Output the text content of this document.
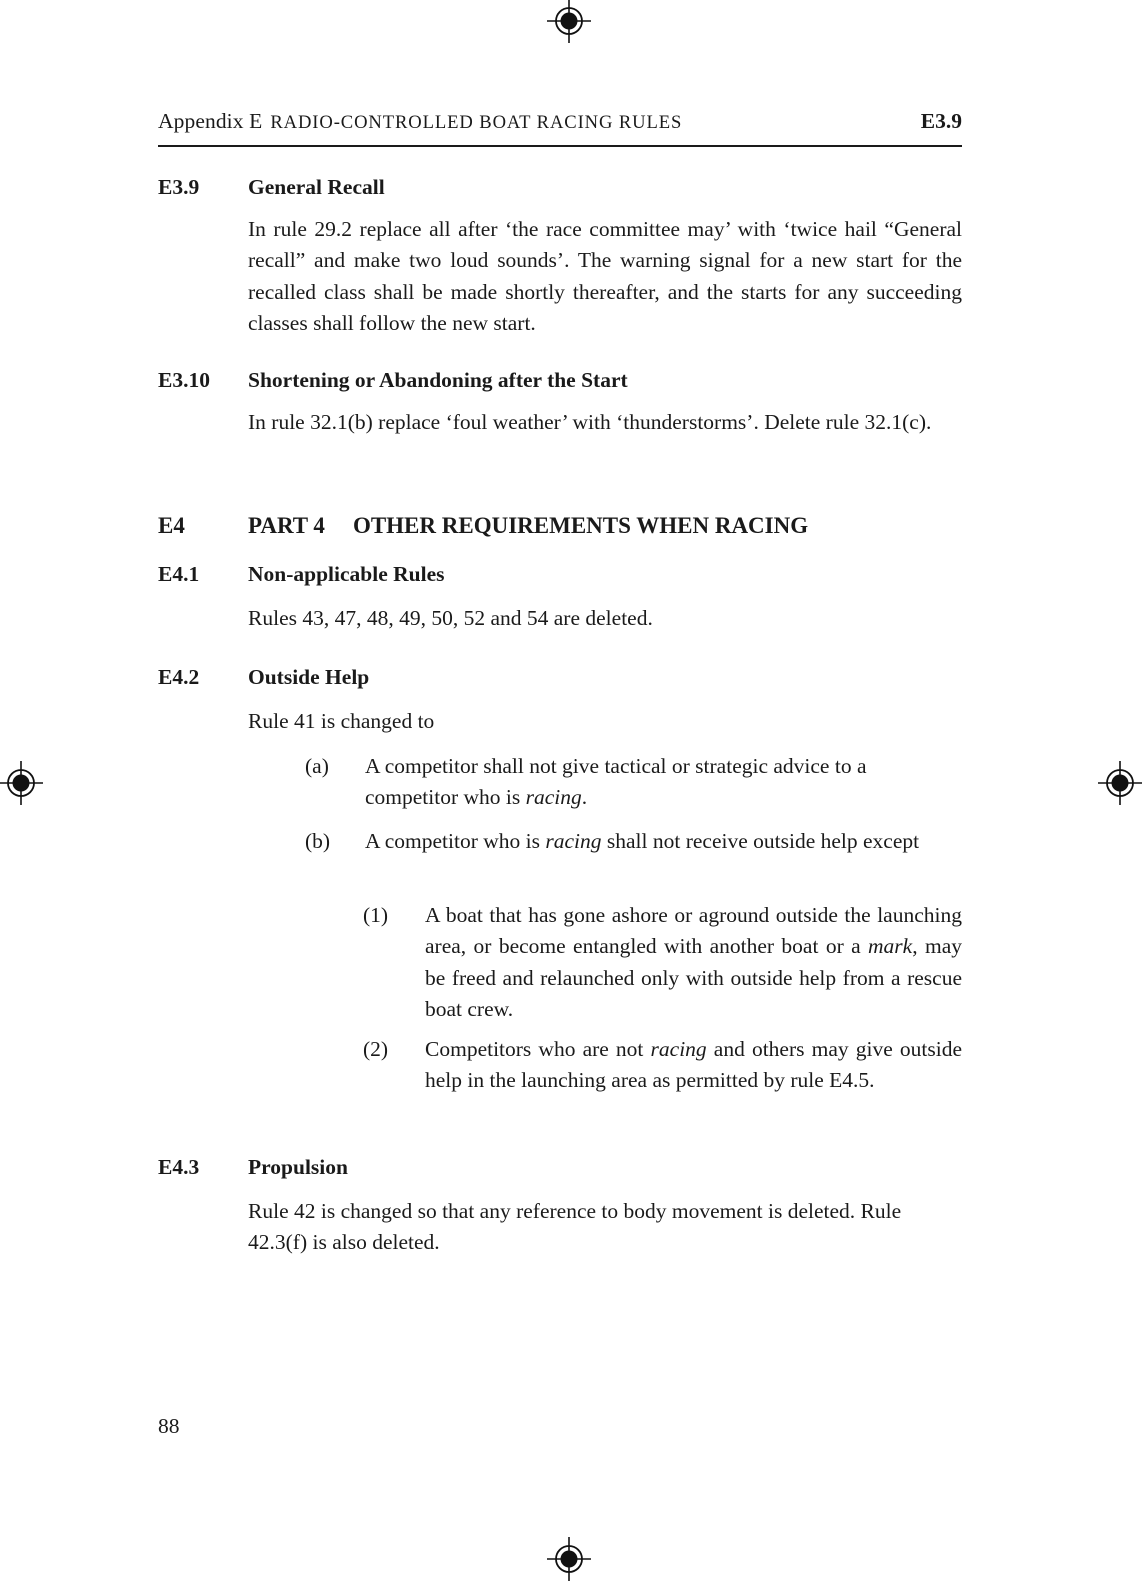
Appendix E RADIO-CONTROLLED BOAT RACING RULES	E3.9
E3.9 General Recall
In rule 29.2 replace all after ‘the race committee may’ with ‘twice hail “General recall” and make two loud sounds’. The warning signal for a new start for the recalled class shall be made shortly thereafter, and the starts for any succeeding classes shall follow the new start.
E3.10 Shortening or Abandoning after the Start
In rule 32.1(b) replace ‘foul weather’ with ‘thunderstorms’. Delete rule 32.1(c).
E4	PART 4 OTHER REQUIREMENTS WHEN RACING
E4.1 Non-applicable Rules
Rules 43, 47, 48, 49, 50, 52 and 54 are deleted.
E4.2 Outside Help
Rule 41 is changed to
(a)	A competitor shall not give tactical or strategic advice to a competitor who is racing.
(b)	A competitor who is racing shall not receive outside help except
(1)	A boat that has gone ashore or aground outside the launching area, or become entangled with another boat or a mark, may be freed and relaunched only with outside help from a rescue boat crew.
(2)	Competitors who are not racing and others may give outside help in the launching area as permitted by rule E4.5.
E4.3 Propulsion
Rule 42 is changed so that any reference to body movement is deleted. Rule 42.3(f) is also deleted.
88
